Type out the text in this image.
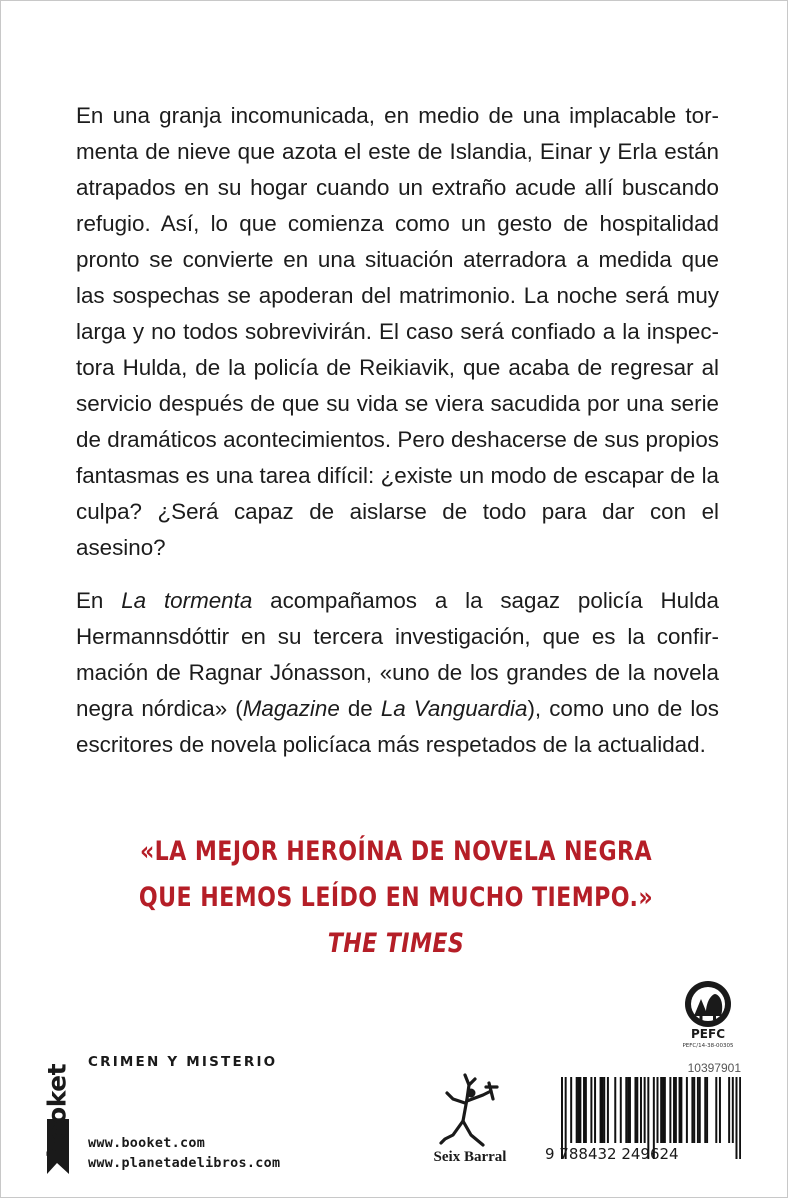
En una granja incomunicada, en medio de una implacable tormenta de nieve que azota el este de Islandia, Einar y Erla están atrapados en su hogar cuando un extraño acude allí buscando refugio. Así, lo que comienza como un gesto de hospitalidad pronto se convierte en una situación aterradora a medida que las sospechas se apoderan del matrimonio. La noche será muy larga y no todos sobrevivirán. El caso será confiado a la inspectora Hulda, de la policía de Reikiavik, que acaba de regresar al servicio después de que su vida se viera sacudida por una serie de dramáticos acontecimientos. Pero deshacerse de sus propios fantasmas es una tarea difícil: ¿existe un modo de escapar de la culpa? ¿Será capaz de aislarse de todo para dar con el asesino?

En La tormenta acompañamos a la sagaz policía Hulda Hermannsdóttir en su tercera investigación, que es la confirmación de Ragnar Jónasson, «uno de los grandes de la novela negra nórdica» (Magazine de La Vanguardia), como uno de los escritores de novela policíaca más respetados de la actualidad.

«LA MEJOR HEROÍNA DE NOVELA NEGRA
QUE HEMOS LEÍDO EN MUCHO TIEMPO.»
THE TIMES
booket
CRIMEN Y MISTERIO
www.booket.com
www.planetadelibros.com	Seix Barral
PEFC
PEFC/14-38-00305
10397901
9 788432 249624
